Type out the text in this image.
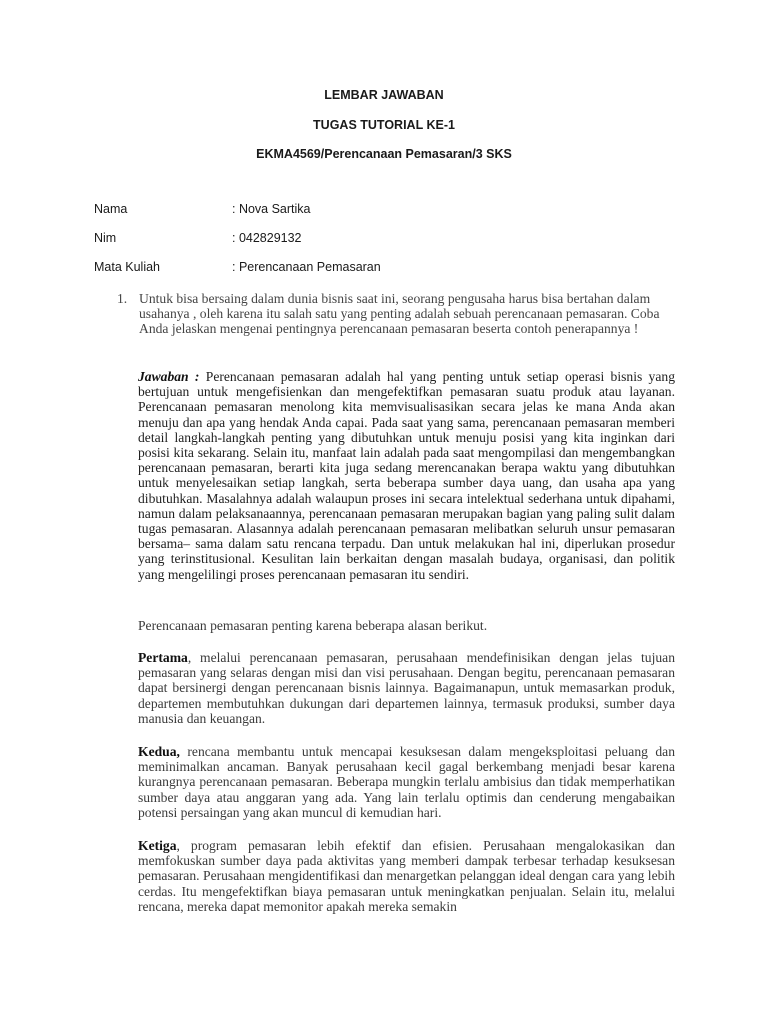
LEMBAR JAWABAN
TUGAS TUTORIAL KE-1
EKMA4569/Perencanaan Pemasaran/3 SKS
Nama	: Nova Sartika
Nim	: 042829132
Mata Kuliah	: Perencanaan Pemasaran
1. Untuk bisa bersaing dalam dunia bisnis saat ini, seorang pengusaha harus bisa bertahan dalam usahanya , oleh karena itu salah satu yang penting adalah sebuah perencanaan pemasaran. Coba Anda jelaskan mengenai pentingnya perencanaan pemasaran beserta contoh penerapannya !

Jawaban : Perencanaan pemasaran adalah hal yang penting untuk setiap operasi bisnis yang bertujuan untuk mengefisienkan dan mengefektifkan pemasaran suatu produk atau layanan. Perencanaan pemasaran menolong kita memvisualisasikan secara jelas ke mana Anda akan menuju dan apa yang hendak Anda capai. Pada saat yang sama, perencanaan pemasaran memberi detail langkah-langkah penting yang dibutuhkan untuk menuju posisi yang kita inginkan dari posisi kita sekarang. Selain itu, manfaat lain adalah pada saat mengompilasi dan mengembangkan perencanaan pemasaran, berarti kita juga sedang merencanakan berapa waktu yang dibutuhkan untuk menyelesaikan setiap langkah, serta beberapa sumber daya uang, dan usaha apa yang dibutuhkan. Masalahnya adalah walaupun proses ini secara intelektual sederhana untuk dipahami, namun dalam pelaksanaannya, perencanaan pemasaran merupakan bagian yang paling sulit dalam tugas pemasaran. Alasannya adalah perencanaan pemasaran melibatkan seluruh unsur pemasaran bersama– sama dalam satu rencana terpadu. Dan untuk melakukan hal ini, diperlukan prosedur yang terinstitusional. Kesulitan lain berkaitan dengan masalah budaya, organisasi, dan politik yang mengelilingi proses perencanaan pemasaran itu sendiri.

Perencanaan pemasaran penting karena beberapa alasan berikut.

Pertama, melalui perencanaan pemasaran, perusahaan mendefinisikan dengan jelas tujuan pemasaran yang selaras dengan misi dan visi perusahaan. Dengan begitu, perencanaan pemasaran dapat bersinergi dengan perencanaan bisnis lainnya. Bagaimanapun, untuk memasarkan produk, departemen membutuhkan dukungan dari departemen lainnya, termasuk produksi, sumber daya manusia dan keuangan.

Kedua, rencana membantu untuk mencapai kesuksesan dalam mengeksploitasi peluang dan meminimalkan ancaman. Banyak perusahaan kecil gagal berkembang menjadi besar karena kurangnya perencanaan pemasaran. Beberapa mungkin terlalu ambisius dan tidak memperhatikan sumber daya atau anggaran yang ada. Yang lain terlalu optimis dan cenderung mengabaikan potensi persaingan yang akan muncul di kemudian hari.

Ketiga, program pemasaran lebih efektif dan efisien. Perusahaan mengalokasikan dan memfokuskan sumber daya pada aktivitas yang memberi dampak terbesar terhadap kesuksesan pemasaran. Perusahaan mengidentifikasi dan menargetkan pelanggan ideal dengan cara yang lebih cerdas. Itu mengefektifkan biaya pemasaran untuk meningkatkan penjualan. Selain itu, melalui rencana, mereka dapat memonitor apakah mereka semakin
